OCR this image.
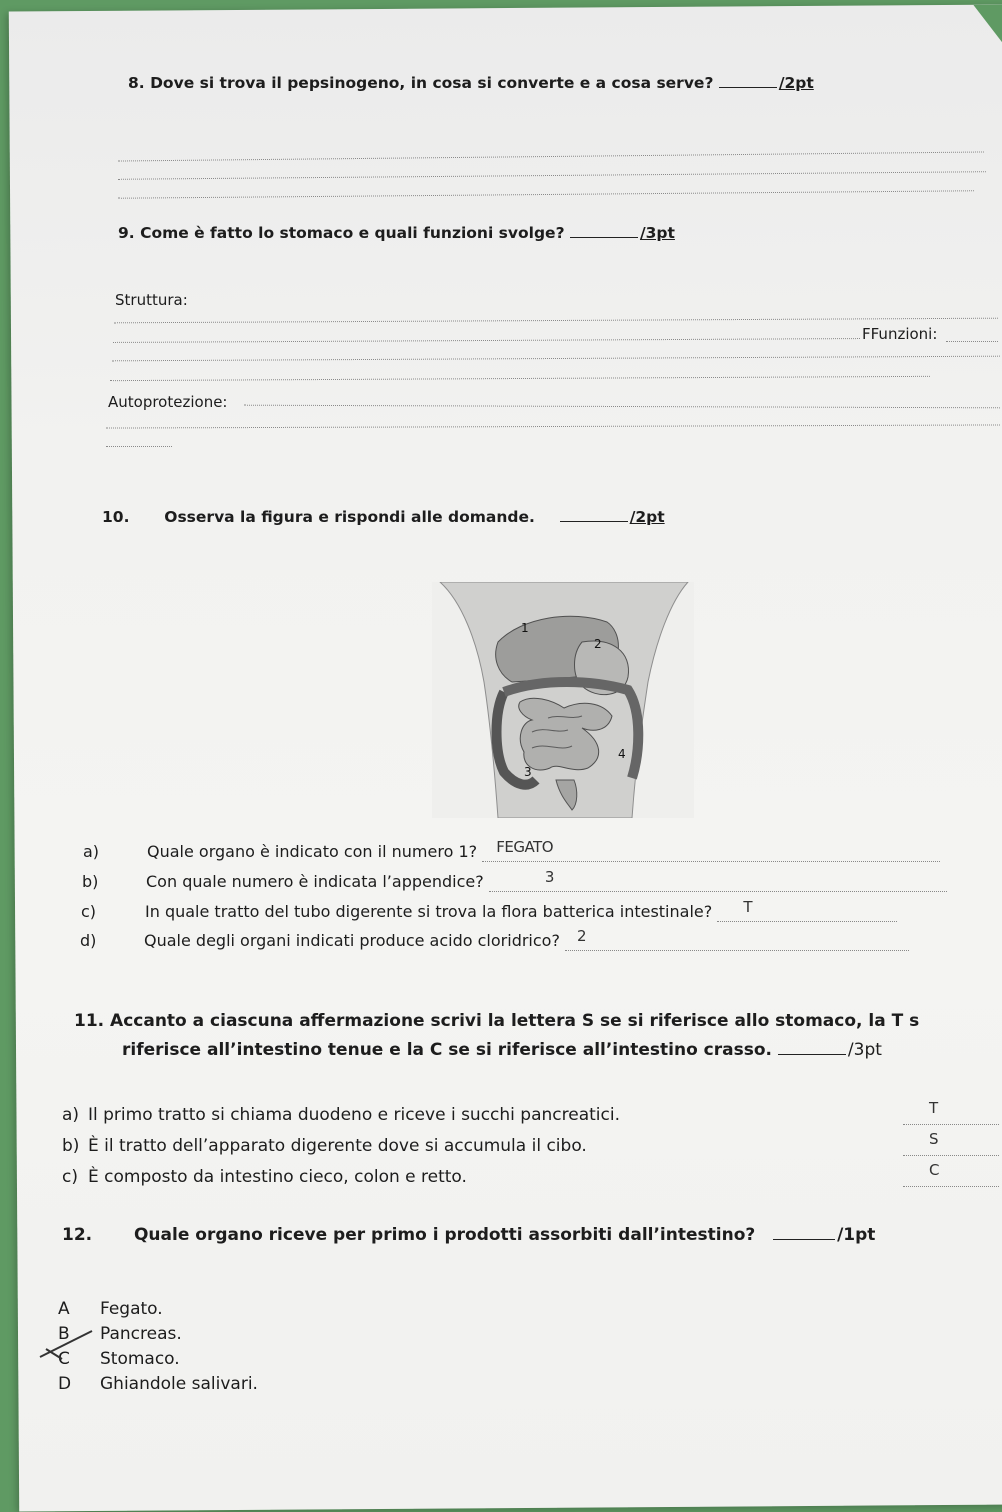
8. Dove si trova il pepsinogeno, in cosa si converte e a cosa serve?	/2pt
9. Come è fatto lo stomaco e quali funzioni svolge?	/3pt
Struttura:
FFunzioni:
Autoprotezione:
10. Osserva la figura e rispondi alle domande.	/2pt
1
2
3
4
a)	Quale organo è indicato con il numero 1? FEGATO

b)	Con quale numero è indicata l’appendice?	3

c)	In quale tratto del tubo digerente si trova la flora batterica intestinale? T

d)	Quale degli organi indicati produce acido cloridrico? 2

11. Accanto a ciascuna affermazione scrivi la lettera S se si riferisce allo stomaco, la T s
riferisce all’intestino tenue e la C se si riferisce all’intestino crasso.	/3pt
a) Il primo tratto si chiama duodeno e riceve i succhi pancreatici.	T

b) È il tratto dell’apparato digerente dove si accumula il cibo.	S

c) È composto da intestino cieco, colon e retto.	C

12. Quale organo riceve per primo i prodotti assorbiti dall’intestino?	/1pt
A Fegato.
B Pancreas.
C Stomaco.
D Ghiandole salivari.
